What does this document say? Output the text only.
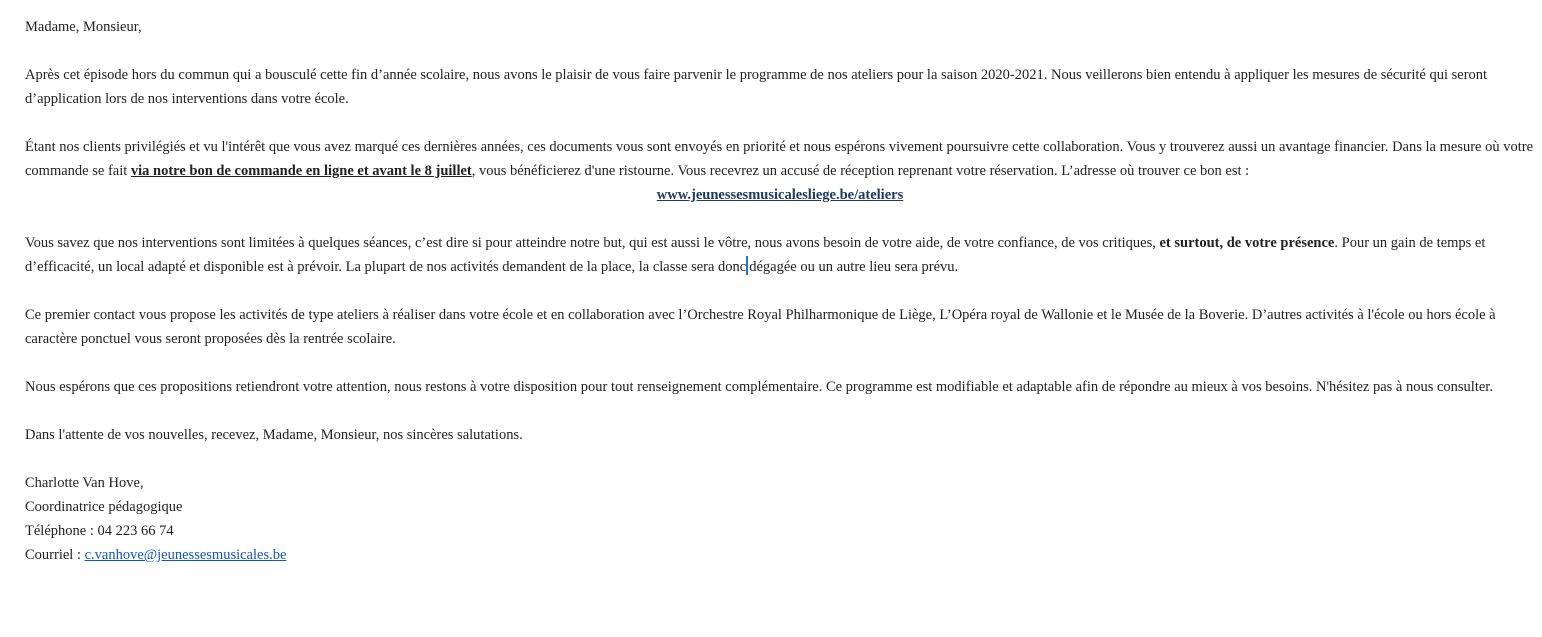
Madame, Monsieur,

Après cet épisode hors du commun qui a bousculé cette fin d’année scolaire, nous avons le plaisir de vous faire parvenir le programme de nos ateliers pour la saison 2020-2021. Nous veillerons bien entendu à appliquer les mesures de sécurité qui seront d’application lors de nos interventions dans votre école.

Étant nos clients privilégiés et vu l'intérêt que vous avez marqué ces dernières années, ces documents vous sont envoyés en priorité et nous espérons vivement poursuivre cette collaboration. Vous y trouverez aussi un avantage financier. Dans la mesure où votre commande se fait via notre bon de commande en ligne et avant le 8 juillet, vous bénéficierez d'une ristourne. Vous recevrez un accusé de réception reprenant votre réservation. L’adresse où trouver ce bon est :

www.jeunessesmusicalesliege.be/ateliers

Vous savez que nos interventions sont limitées à quelques séances, c’est dire si pour atteindre notre but, qui est aussi le vôtre, nous avons besoin de votre aide, de votre confiance, de vos critiques, et surtout, de votre présence. Pour un gain de temps et d’efficacité, un local adapté et disponible est à prévoir. La plupart de nos activités demandent de la place, la classe sera donc dégagée ou un autre lieu sera prévu.

Ce premier contact vous propose les activités de type ateliers à réaliser dans votre école et en collaboration avec l’Orchestre Royal Philharmonique de Liège, L’Opéra royal de Wallonie et le Musée de la Boverie. D’autres activités à l'école ou hors école à caractère ponctuel vous seront proposées dès la rentrée scolaire.

Nous espérons que ces propositions retiendront votre attention, nous restons à votre disposition pour tout renseignement complémentaire. Ce programme est modifiable et adaptable afin de répondre au mieux à vos besoins. N'hésitez pas à nous consulter.

Dans l'attente de vos nouvelles, recevez, Madame, Monsieur, nos sincères salutations.

Charlotte Van Hove,

Coordinatrice pédagogique

Téléphone : 04 223 66 74

Courriel : c.vanhove@jeunessesmusicales.be
